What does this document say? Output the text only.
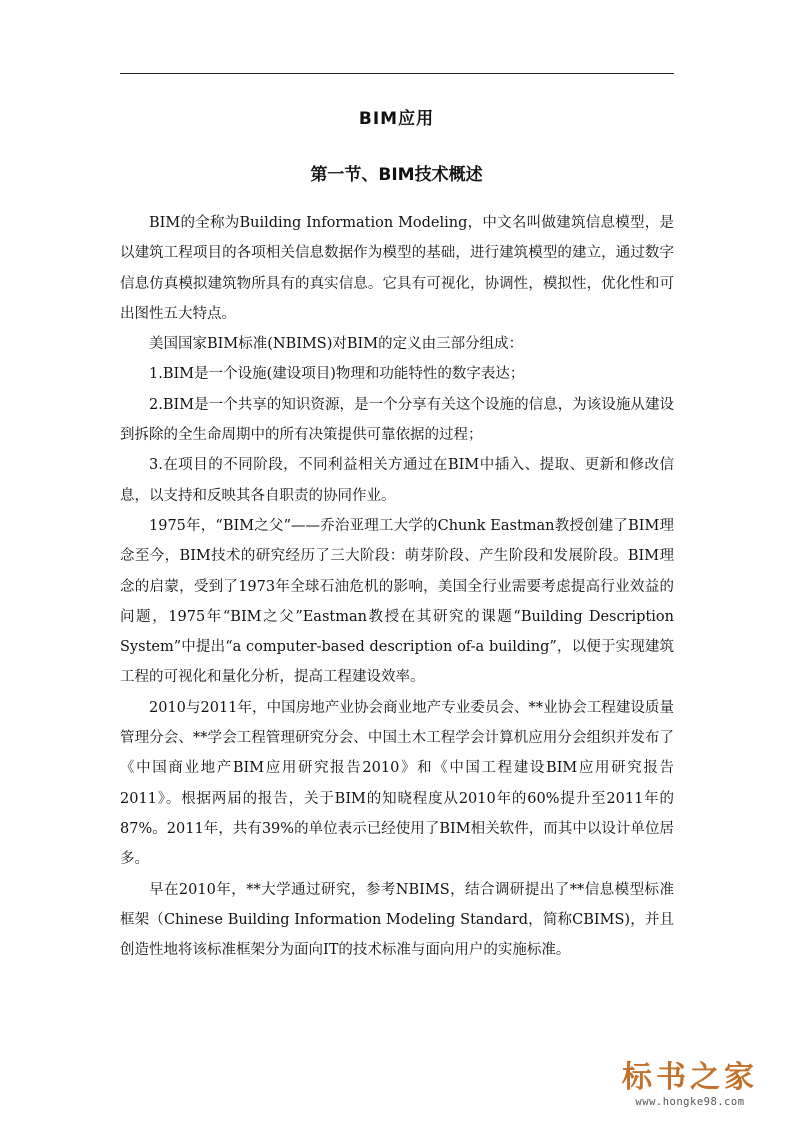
BIM应用
第一节、BIM技术概述

BIM的全称为Building Information Modeling，中文名叫做建筑信息模型，是以建筑工程项目的各项相关信息数据作为模型的基础，进行建筑模型的建立，通过数字信息仿真模拟建筑物所具有的真实信息。它具有可视化，协调性，模拟性，优化性和可出图性五大特点。

美国国家BIM标准(NBIMS)对BIM的定义由三部分组成：

1.BIM是一个设施(建设项目)物理和功能特性的数字表达；

2.BIM是一个共享的知识资源，是一个分享有关这个设施的信息，为该设施从建设到拆除的全生命周期中的所有决策提供可靠依据的过程；

3.在项目的不同阶段，不同利益相关方通过在BIM中插入、提取、更新和修改信息，以支持和反映其各自职责的协同作业。

1975年，“BIM之父”——乔治亚理工大学的Chunk Eastman教授创建了BIM理念至今，BIM技术的研究经历了三大阶段：萌芽阶段、产生阶段和发展阶段。BIM理念的启蒙，受到了1973年全球石油危机的影响，美国全行业需要考虑提高行业效益的问题，1975年“BIM之父”Eastman教授在其研究的课题“Building Description System”中提出“a computer-based description of-a building”，以便于实现建筑工程的可视化和量化分析，提高工程建设效率。

2010与2011年，中国房地产业协会商业地产专业委员会、**业协会工程建设质量管理分会、**学会工程管理研究分会、中国土木工程学会计算机应用分会组织并发布了《中国商业地产BIM应用研究报告2010》和《中国工程建设BIM应用研究报告2011》。根据两届的报告，关于BIM的知晓程度从2010年的60%提升至2011年的87%。2011年，共有39%的单位表示已经使用了BIM相关软件，而其中以设计单位居多。

早在2010年，**大学通过研究，参考NBIMS，结合调研提出了**信息模型标准框架（Chinese Building Information Modeling Standard，简称CBIMS)，并且创造性地将该标准框架分为面向IT的技术标准与面向用户的实施标准。

标书之家
www.hongke98.com
